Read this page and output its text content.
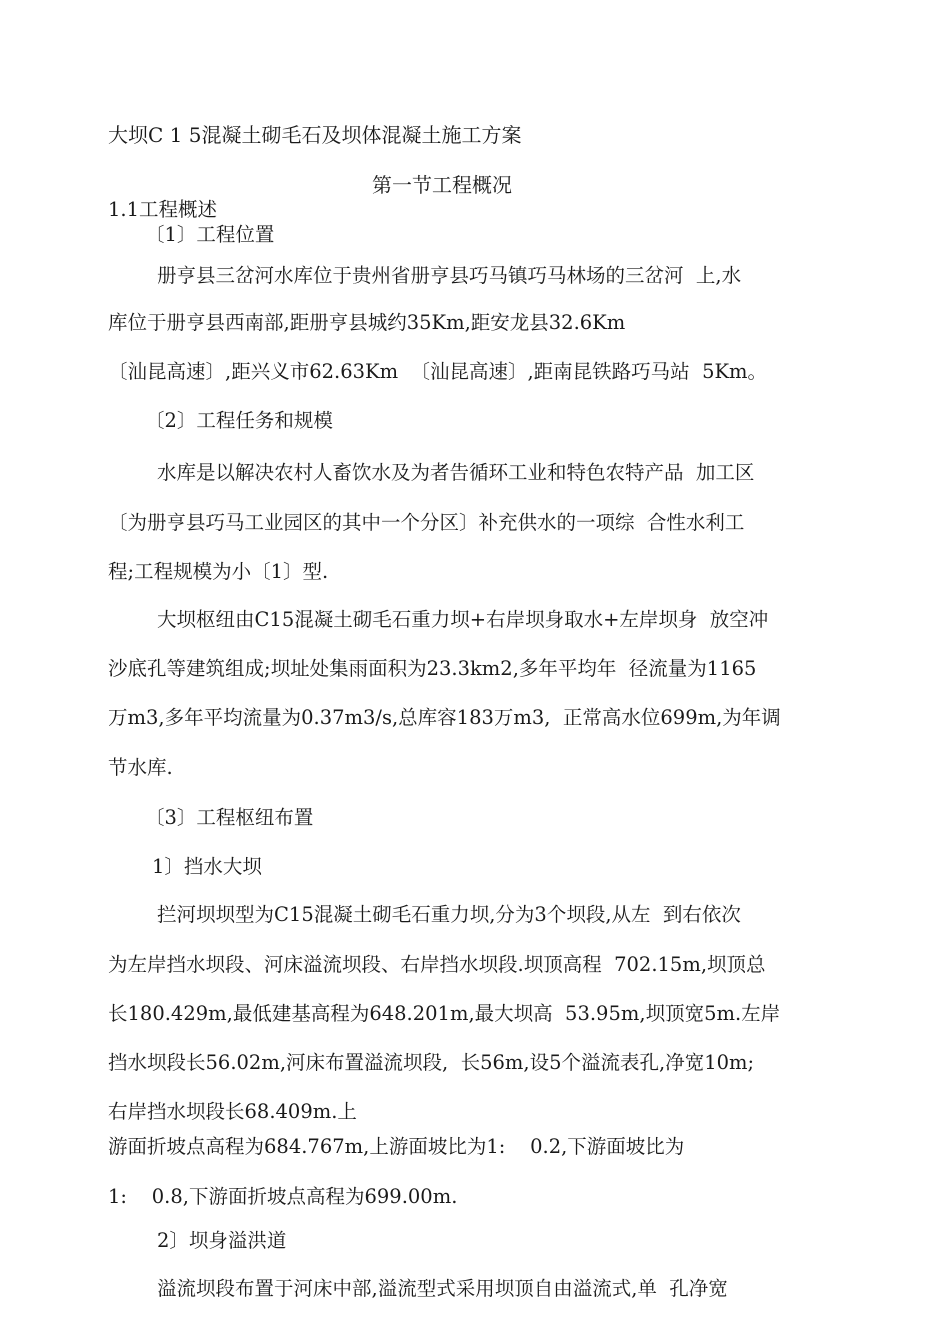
大坝C 1 5混凝土砌毛石及坝体混凝土施工方案

第一节工程概况

1.1工程概述

〔1〕工程位置

册亨县三岔河水库位于贵州省册亨县巧马镇巧马林场的三岔河  上,水

库位于册亨县西南部,距册亨县城约35Km,距安龙县32.6Km

〔汕昆高速〕,距兴义市62.63Km  〔汕昆高速〕,距南昆铁路巧马站  5Km。

〔2〕工程任务和规模

水库是以解决农村人畜饮水及为者告循环工业和特色农特产品  加工区

〔为册亨县巧马工业园区的其中一个分区〕补充供水的一项综  合性水利工

程;工程规模为小〔1〕型.

大坝枢纽由C15混凝土砌毛石重力坝+右岸坝身取水+左岸坝身  放空冲

沙底孔等建筑组成;坝址处集雨面积为23.3km2,多年平均年  径流量为1165

万m3,多年平均流量为0.37m3/s,总库容183万m3,  正常高水位699m,为年调

节水库.

〔3〕工程枢纽布置

1〕挡水大坝

拦河坝坝型为C15混凝土砌毛石重力坝,分为3个坝段,从左  到右依次

为左岸挡水坝段、河床溢流坝段、右岸挡水坝段.坝顶高程  702.15m,坝顶总

长180.429m,最低建基高程为648.201m,最大坝高  53.95m,坝顶宽5m.左岸

挡水坝段长56.02m,河床布置溢流坝段,  长56m,设5个溢流表孔,净宽10m;

右岸挡水坝段长68.409m.上

游面折坡点高程为684.767m,上游面坡比为1:    0.2,下游面坡比为

1:    0.8,下游面折坡点高程为699.00m.

2〕坝身溢洪道

溢流坝段布置于河床中部,溢流型式采用坝顶自由溢流式,单  孔净宽
